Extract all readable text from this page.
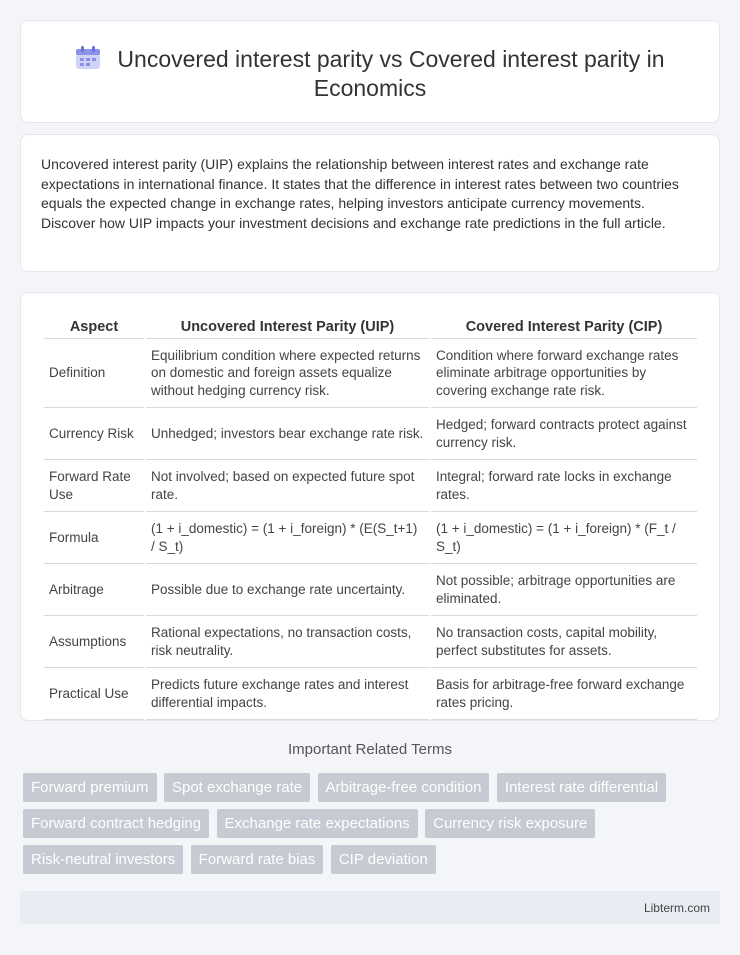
Uncovered interest parity vs Covered interest parity in Economics

Uncovered interest parity (UIP) explains the relationship between interest rates and exchange rate expectations in international finance. It states that the difference in interest rates between two countries equals the expected change in exchange rates, helping investors anticipate currency movements. Discover how UIP impacts your investment decisions and exchange rate predictions in the full article.

Aspect	Uncovered Interest Parity (UIP)	Covered Interest Parity (CIP)
Definition	Equilibrium condition where expected returns on domestic and foreign assets equalize without hedging currency risk.	Condition where forward exchange rates eliminate arbitrage opportunities by covering exchange rate risk.
Currency Risk	Unhedged; investors bear exchange rate risk.	Hedged; forward contracts protect against currency risk.
Forward Rate Use	Not involved; based on expected future spot rate.	Integral; forward rate locks in exchange rates.
Formula	(1 + i_domestic) = (1 + i_foreign) * (E(S_t+1) / S_t)	(1 + i_domestic) = (1 + i_foreign) * (F_t / S_t)
Arbitrage	Possible due to exchange rate uncertainty.	Not possible; arbitrage opportunities are eliminated.
Assumptions	Rational expectations, no transaction costs, risk neutrality.	No transaction costs, capital mobility, perfect substitutes for assets.
Practical Use	Predicts future exchange rates and interest differential impacts.	Basis for arbitrage-free forward exchange rates pricing.
Important Related Terms
Forward premium Spot exchange rate Arbitrage-free condition Interest rate differential Forward contract hedging Exchange rate expectations Currency risk exposure Risk-neutral investors Forward rate bias CIP deviation
Libterm.com
